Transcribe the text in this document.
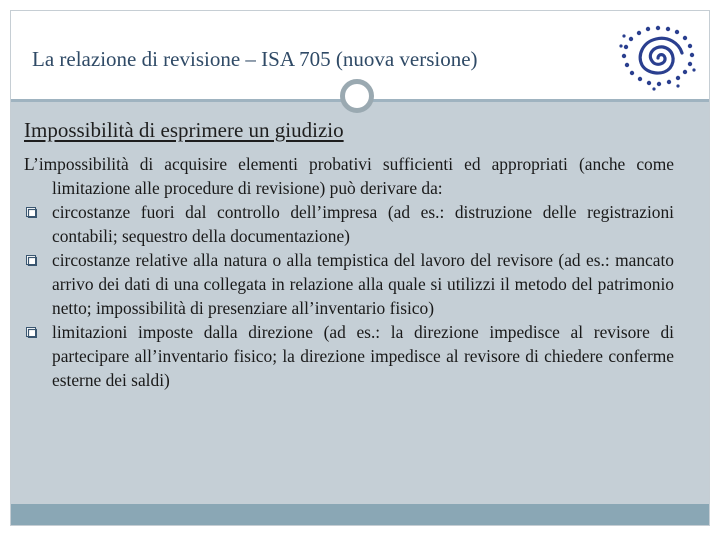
La relazione di revisione – ISA 705 (nuova versione)
Impossibilità di esprimere un giudizio

L’impossibilità di acquisire elementi probativi sufficienti ed appropriati (anche come limitazione alle procedure di revisione) può derivare da:

circostanze fuori dal controllo dell’impresa (ad es.: distruzione delle registrazioni contabili; sequestro della documentazione)

circostanze relative alla natura o alla tempistica del lavoro del revisore (ad es.: mancato arrivo dei dati di una collegata in relazione alla quale si utilizzi il metodo del patrimonio netto; impossibilità di presenziare all’inventario fisico)

limitazioni imposte dalla direzione (ad es.: la direzione impedisce al revisore di partecipare all’inventario fisico; la direzione impedisce al revisore di chiedere conferme esterne dei saldi)
